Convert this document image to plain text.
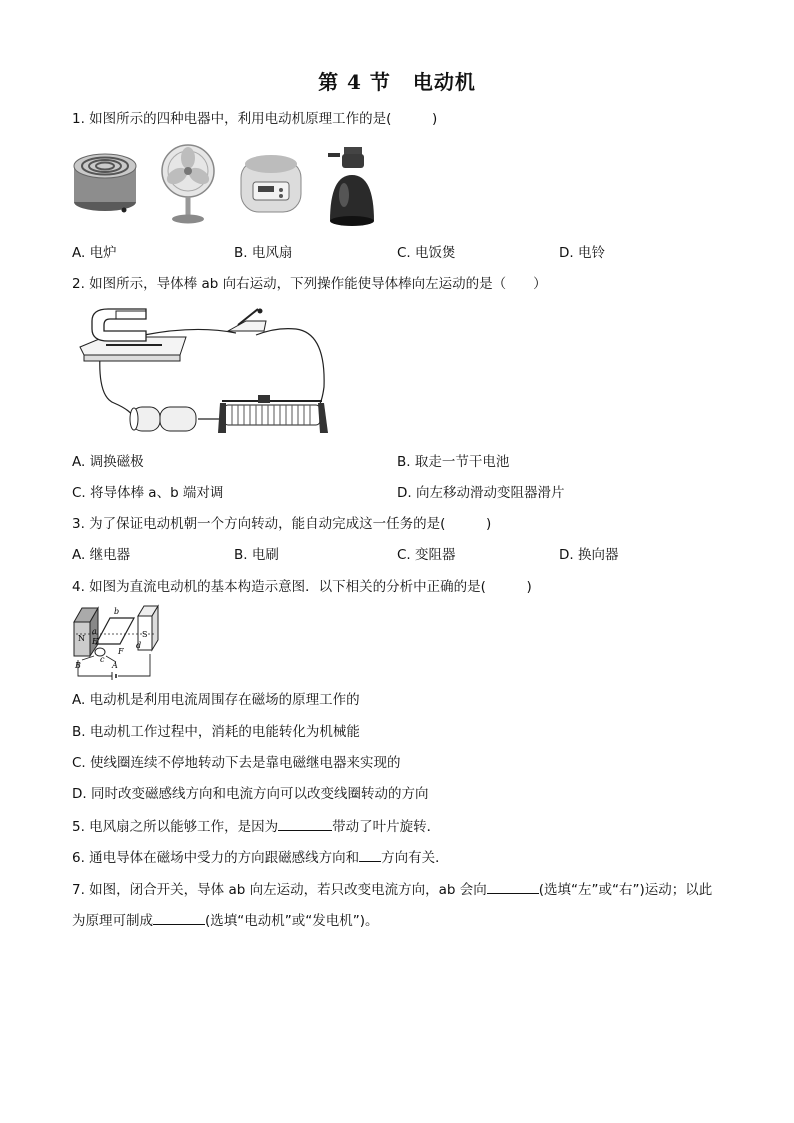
第 4 节 电动机
1. 如图所示的四种电器中，利用电动机原理工作的是(　　　)
A. 电炉	B. 电风扇	C. 电饭煲	D. 电铃
2. 如图所示，导体棒 ab 向右运动，下列操作能使导体棒向左运动的是（　　）
A. 调换磁极	B. 取走一节干电池
C. 将导体棒 a、b 端对调	D. 向左移动滑动变阻器滑片
3. 为了保证电动机朝一个方向转动，能自动完成这一任务的是(　　　)
A. 继电器	B. 电刷	C. 变阻器	D. 换向器
4. 如图为直流电动机的基本构造示意图．以下相关的分析中正确的是(　　　)
N	S
b
a
E
F
c
d
B	A
A. 电动机是利用电流周围存在磁场的原理工作的
B. 电动机工作过程中，消耗的电能转化为机械能
C. 使线圈连续不停地转动下去是靠电磁继电器来实现的
D. 同时改变磁感线方向和电流方向可以改变线圈转动的方向
5. 电风扇之所以能够工作，是因为	带动了叶片旋转．
6. 通电导体在磁场中受力的方向跟磁感线方向和 方向有关．
7. 如图，闭合开关，导体 ab 向左运动，若只改变电流方向，ab 会向	(选填“左”或“右”)运动；以此
为原理可制成	(选填“电动机”或“发电机”)。
